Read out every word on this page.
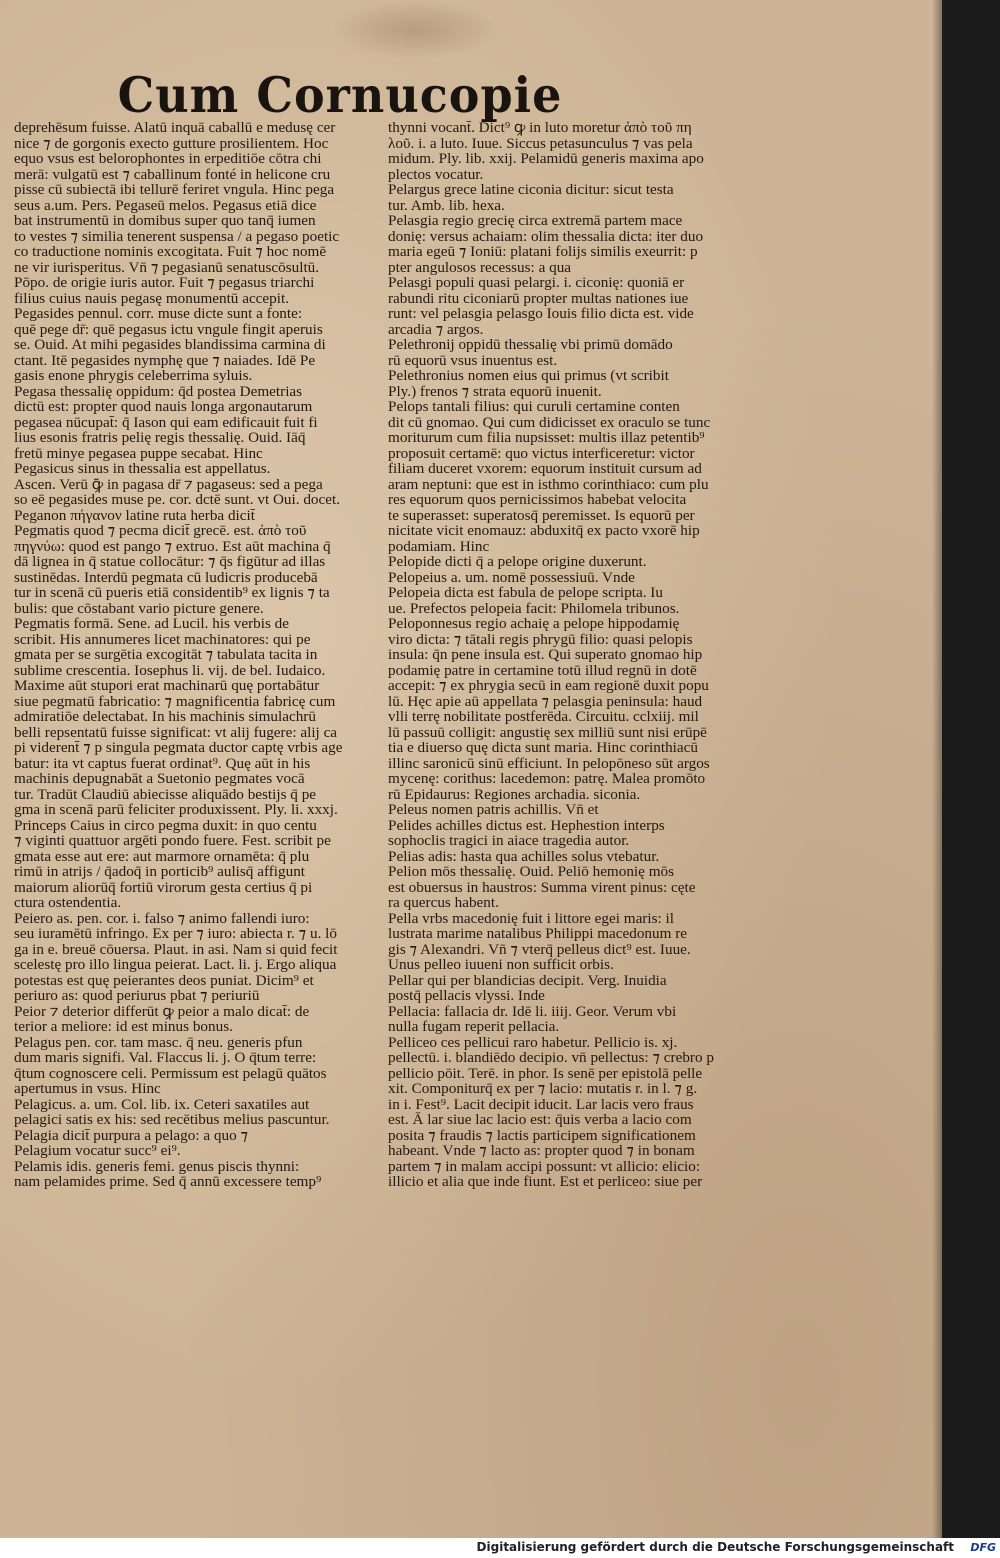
Cum Cornucopie
deprehēsum fuisse. Alatū inquā caballū e medusę cer
nice ⁊ de gorgonis execto gutture prosilientem. Hoc
equo vsus est belorophontes in erpeditiōe cōtra chi
merā: vulgatū est ⁊ caballinum fonté in helicone cru
pisse cū subiectā ibi tellurē feriret vngula. Hinc pega
seus a.um. Pers. Pegaseū melos. Pegasus etiā dice
bat instrumentū in domibus super quo tanq̄ iumen
to vestes ⁊ similia tenerent suspensa / a pegaso poetic
co traductione nominis excogitata. Fuit ⁊ hoc nomē
ne vir iurisperitus. Vn̄ ⁊ pegasianū senatuscōsultū.
Pōpo. de origie iuris autor. Fuit ⁊ pegasus triarchi
filius cuius nauis pegasę monumentū accepit.
Pegasides pennul. corr. muse dicte sunt a fonte:
quē pege dr̄: quē pegasus ictu vngule fingit aperuis
se. Ouid. At mihi pegasides blandissima carmina di
ctant. Itē pegasides nymphę que ⁊ naiades. Idē Pe
gasis enone phrygis celeberrima syluis.
Pegasa thessalię oppidum: q̄d postea Demetrias
dictū est: propter quod nauis longa argonautarum
pegasea nūcupat̄: q̄ Iason qui eam edificauit fuit fi
lius esonis fratris pelię regis thessalię. Ouid. Iāq̄
fretū minye pegasea puppe secabat. Hinc
Pegasicus sinus in thessalia est appellatus.
Ascen. Verū ꝙ̄ in pagasa dr̄ ⁊ pagaseus: sed a pega
so eē pegasides muse pe. cor. dctē sunt. vt Oui. docet.
Peganon πήγανον latine ruta herba dicit̄
Pegmatis quod ⁊ pecma dicit̄ grecē. est. ἀπὸ τοῦ
πηγνύω: quod est pango ⁊ extruo. Est aūt machina q̄
dā lignea in q̄ statue collocātur: ⁊ q̄s figūtur ad illas
sustinēdas. Interdū pegmata cū ludicris producebā
tur in scenā cū pueris etiā considentib⁹ ex lignis ⁊ ta
bulis: que cōstabant vario picture genere.
Pegmatis formā. Sene. ad Lucil. his verbis de
scribit. His annumeres licet machinatores: qui pe
gmata per se surgētia excogitāt ⁊ tabulata tacita in
sublime crescentia. Iosephus li. vij. de bel. Iudaico.
Maxime aūt stupori erat machinarū quę portabātur
siue pegmatū fabricatio: ⁊ magnificentia fabricę cum
admiratiōe delectabat. In his machinis simulachrū
belli repsentatū fuisse significat: vt alij fugere: alij ca
pi viderent̄ ⁊ p singula pegmata ductor captę vrbis age
batur: ita vt captus fuerat ordinat⁹. Quę aūt in his
machinis depugnabāt a Suetonio pegmates vocā
tur. Tradūt Claudiū abiecisse aliquādo bestijs q̄ pe
gma in scenā parū feliciter produxissent. Ply. li. xxxj.
Princeps Caius in circo pegma duxit: in quo centu
⁊ viginti quattuor argēti pondo fuere. Fest. scribit pe
gmata esse aut ere: aut marmore ornamēta: q̄ plu
rimū in atrijs / q̄adoq̄ in porticib⁹ aulisq̄ affigunt
maiorum aliorūq̄ fortiū virorum gesta certius q̄ pi
ctura ostendentia.
Peiero as. pen. cor. i. falso ⁊ animo fallendi iuro:
seu iuramētū infringo. Ex per ⁊ iuro: abiecta r. ⁊ u. lō
ga in e. breuē cōuersa. Plaut. in asi. Nam si quid fecit
scelestę pro illo lingua peierat. Lact. li. j. Ergo aliqua
potestas est quę peierantes deos puniat. Dicim⁹ et
periuro as: quod periurus pbat ⁊ periuriū
Peior ⁊ deterior differūt ꝙ peior a malo dicat̄: de
terior a meliore: id est minus bonus.
Pelagus pen. cor. tam masc. q̄ neu. generis pfun
dum maris signifi. Val. Flaccus li. j. O q̄tum terre:
q̄tum cognoscere celi. Permissum est pelagū quātos
apertumus in vsus. Hinc
Pelagicus. a. um. Col. lib. ix. Ceteri saxatiles aut
pelagici satis ex his: sed recētibus melius pascuntur.
Pelagia dicit̄ purpura a pelago: a quo ⁊
Pelagium vocatur succ⁹ ei⁹.
Pelamis idis. generis femi. genus piscis thynni:
nam pelamides prime. Sed q̄ annū excessere temp⁹
thynni vocant̄. Dict⁹ ꝙ in luto moretur ἀπὸ τοῦ πη
λοῦ. i. a luto. Iuue. Siccus petasunculus ⁊ vas pela
midum. Ply. lib. xxij. Pelamidū generis maxima apo
plectos vocatur.
Pelargus grece latine ciconia dicitur: sicut testa
tur. Amb. lib. hexa.
Pelasgia regio grecię circa extremā partem mace
donię: versus achaiam: olim thessalia dicta: iter duo
maria egeū ⁊ Ioniū: platani folijs similis exeurrit: p
pter angulosos recessus: a qua
Pelasgi populi quasi pelargi. i. ciconię: quoniā er
rabundi ritu ciconiarū propter multas nationes iue
runt: vel pelasgia pelasgo Iouis filio dicta est. vide
arcadia ⁊ argos.
Pelethronij oppidū thessalię vbi primū domādo
rū equorū vsus inuentus est.
Pelethronius nomen eius qui primus (vt scribit
Ply.) frenos ⁊ strata equorū inuenit.
Pelops tantali filius: qui curuli certamine conten
dit cū gnomao. Qui cum didicisset ex oraculo se tunc
moriturum cum filia nupsisset: multis illaz petentib⁹
proposuit certamē: quo victus interficeretur: victor
filiam duceret vxorem: equorum instituit cursum ad
aram neptuni: que est in isthmo corinthiaco: cum plu
res equorum quos pernicissimos habebat velocita
te superasset: superatosq̄ peremisset. Is equorū per
nicitate vicit enomauz: abduxitq̄ ex pacto vxorē hip
podamiam. Hinc
Pelopide dicti q̄ a pelope origine duxerunt.
Pelopeius a. um. nomē possessiuū. Vnde
Pelopeia dicta est fabula de pelope scripta. Iu
ue. Prefectos pelopeia facit: Philomela tribunos.
Peloponnesus regio achaię a pelope hippodamię
viro dicta: ⁊ tātali regis phrygū filio: quasi pelopis
insula: q̄n pene insula est. Qui superato gnomao hip
podamię patre in certamine totū illud regnū in dotē
accepit: ⁊ ex phrygia secū in eam regionē duxit popu
lū. Hęc apie aū appellata ⁊ pelasgia peninsula: haud
vlli terrę nobilitate postferēda. Circuitu. cclxiij. mil
lū passuū colligit: angustię sex milliū sunt nisi erūpē
tia e diuerso quę dicta sunt maria. Hinc corinthiacū
illinc saronicū sinū efficiunt. In pelopōneso sūt argos
mycenę: corithus: lacedemon: patrę. Malea promōto
rū Epidaurus: Regiones archadia. siconia.
Peleus nomen patris achillis. Vn̄ et
Pelides achilles dictus est. Hephestion interps
sophoclis tragici in aiace tragedia autor.
Pelias adis: hasta qua achilles solus vtebatur.
Pelion mōs thessalię. Ouid. Peliō hemonię mōs
est obuersus in haustros: Summa virent pinus: cęte
ra quercus habent.
Pella vrbs macedonię fuit i littore egei maris: il
lustrata marime natalibus Philippi macedonum re
gis ⁊ Alexandri. Vn̄ ⁊ vterq̄ pelleus dict⁹ est. Iuue.
Unus pelleo iuueni non sufficit orbis.
Pellar qui per blandicias decipit. Verg. Inuidia
postq̄ pellacis vlyssi. Inde
Pellacia: fallacia dr. Idē li. iiij. Geor. Verum vbi
nulla fugam reperit pellacia.
Pelliceo ces pellicui raro habetur. Pellicio is. xj.
pellectū. i. blandiēdo decipio. vn̄ pellectus: ⁊ crebro p
pellicio pōit. Terē. in phor. Is senē per epistolā pelle
xit. Componiturq̄ ex per ⁊ lacio: mutatis r. in l. ⁊ g.
in i. Fest⁹. Lacit decipit iducit. Lar lacis vero fraus
est. Ā lar siue lac lacio est: q̄uis verba a lacio com
posita ⁊ fraudis ⁊ lactis participem significationem
habeant. Vnde ⁊ lacto as: propter quod ⁊ in bonam
partem ⁊ in malam accipi possunt: vt allicio: elicio:
illicio et alia que inde fiunt. Est et perliceo: siue per
Digitalisierung gefördert durch die Deutsche Forschungsgemeinschaft	DFG
